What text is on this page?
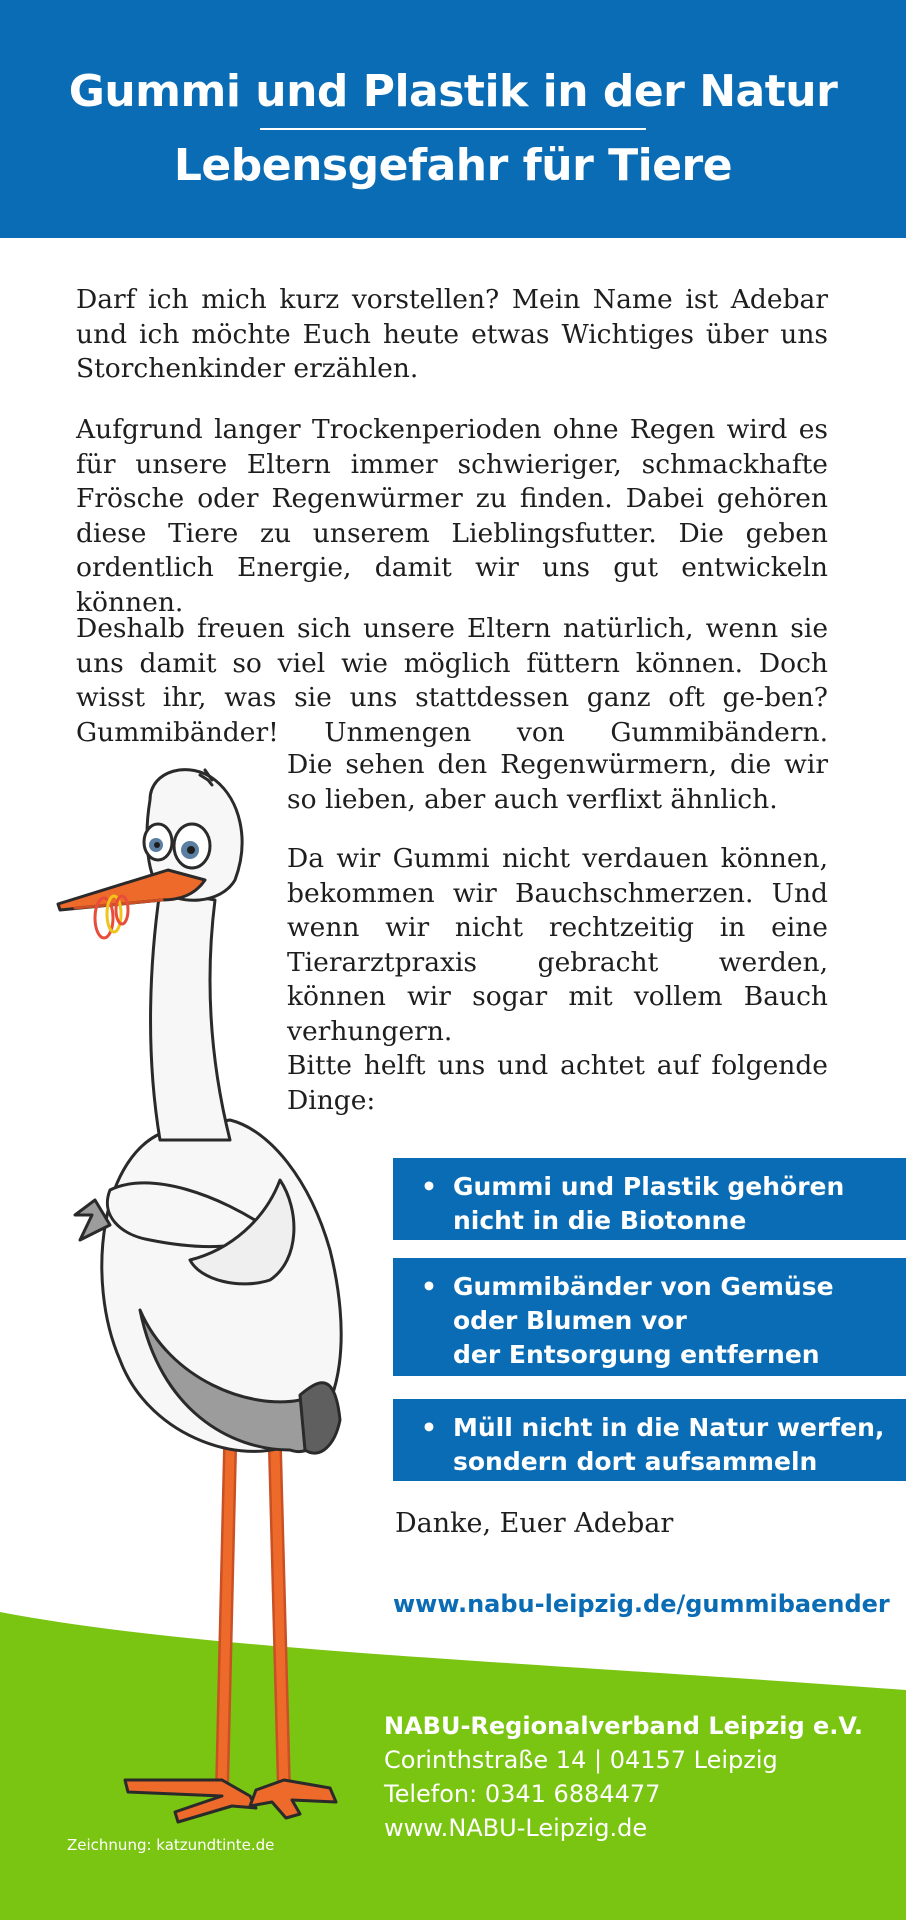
Gummi und Plastik in der Natur
Lebensgefahr für Tiere

Darf ich mich kurz vorstellen? Mein Name ist Adebar und ich möchte Euch heute etwas Wichtiges über uns Storchenkinder erzählen.

Aufgrund langer Trockenperioden ohne Regen wird es für unsere Eltern immer schwieriger, schmackhafte Frösche oder Regenwürmer zu finden. Dabei gehören diese Tiere zu unserem Lieblingsfutter. Die geben ordentlich Energie, damit wir uns gut entwickeln können.

Deshalb freuen sich unsere Eltern natürlich, wenn sie uns damit so viel wie möglich füttern können. Doch wisst ihr, was sie uns stattdessen ganz oft ge-ben? Gummibänder! Unmengen von Gummibändern.

Die sehen den Regenwürmern, die wir so lieben, aber auch verflixt ähnlich.

Da wir Gummi nicht verdauen können, bekommen wir Bauchschmerzen. Und wenn wir nicht rechtzeitig in eine Tierarztpraxis gebracht werden, können wir sogar mit vollem Bauch verhungern.

Bitte helft uns und achtet auf folgende Dinge:

• Gummi und Plastik gehören
nicht in die Biotonne
• Gummibänder von Gemüse
oder Blumen vor
der Entsorgung entfernen
• Müll nicht in die Natur werfen,
sondern dort aufsammeln
Danke, Euer Adebar
www.nabu-leipzig.de/gummibaender
NABU-Regionalverband Leipzig e.V.
Corinthstraße 14 | 04157 Leipzig
Telefon: 0341 6884477
www.NABU-Leipzig.de
Zeichnung: katzundtinte.de
